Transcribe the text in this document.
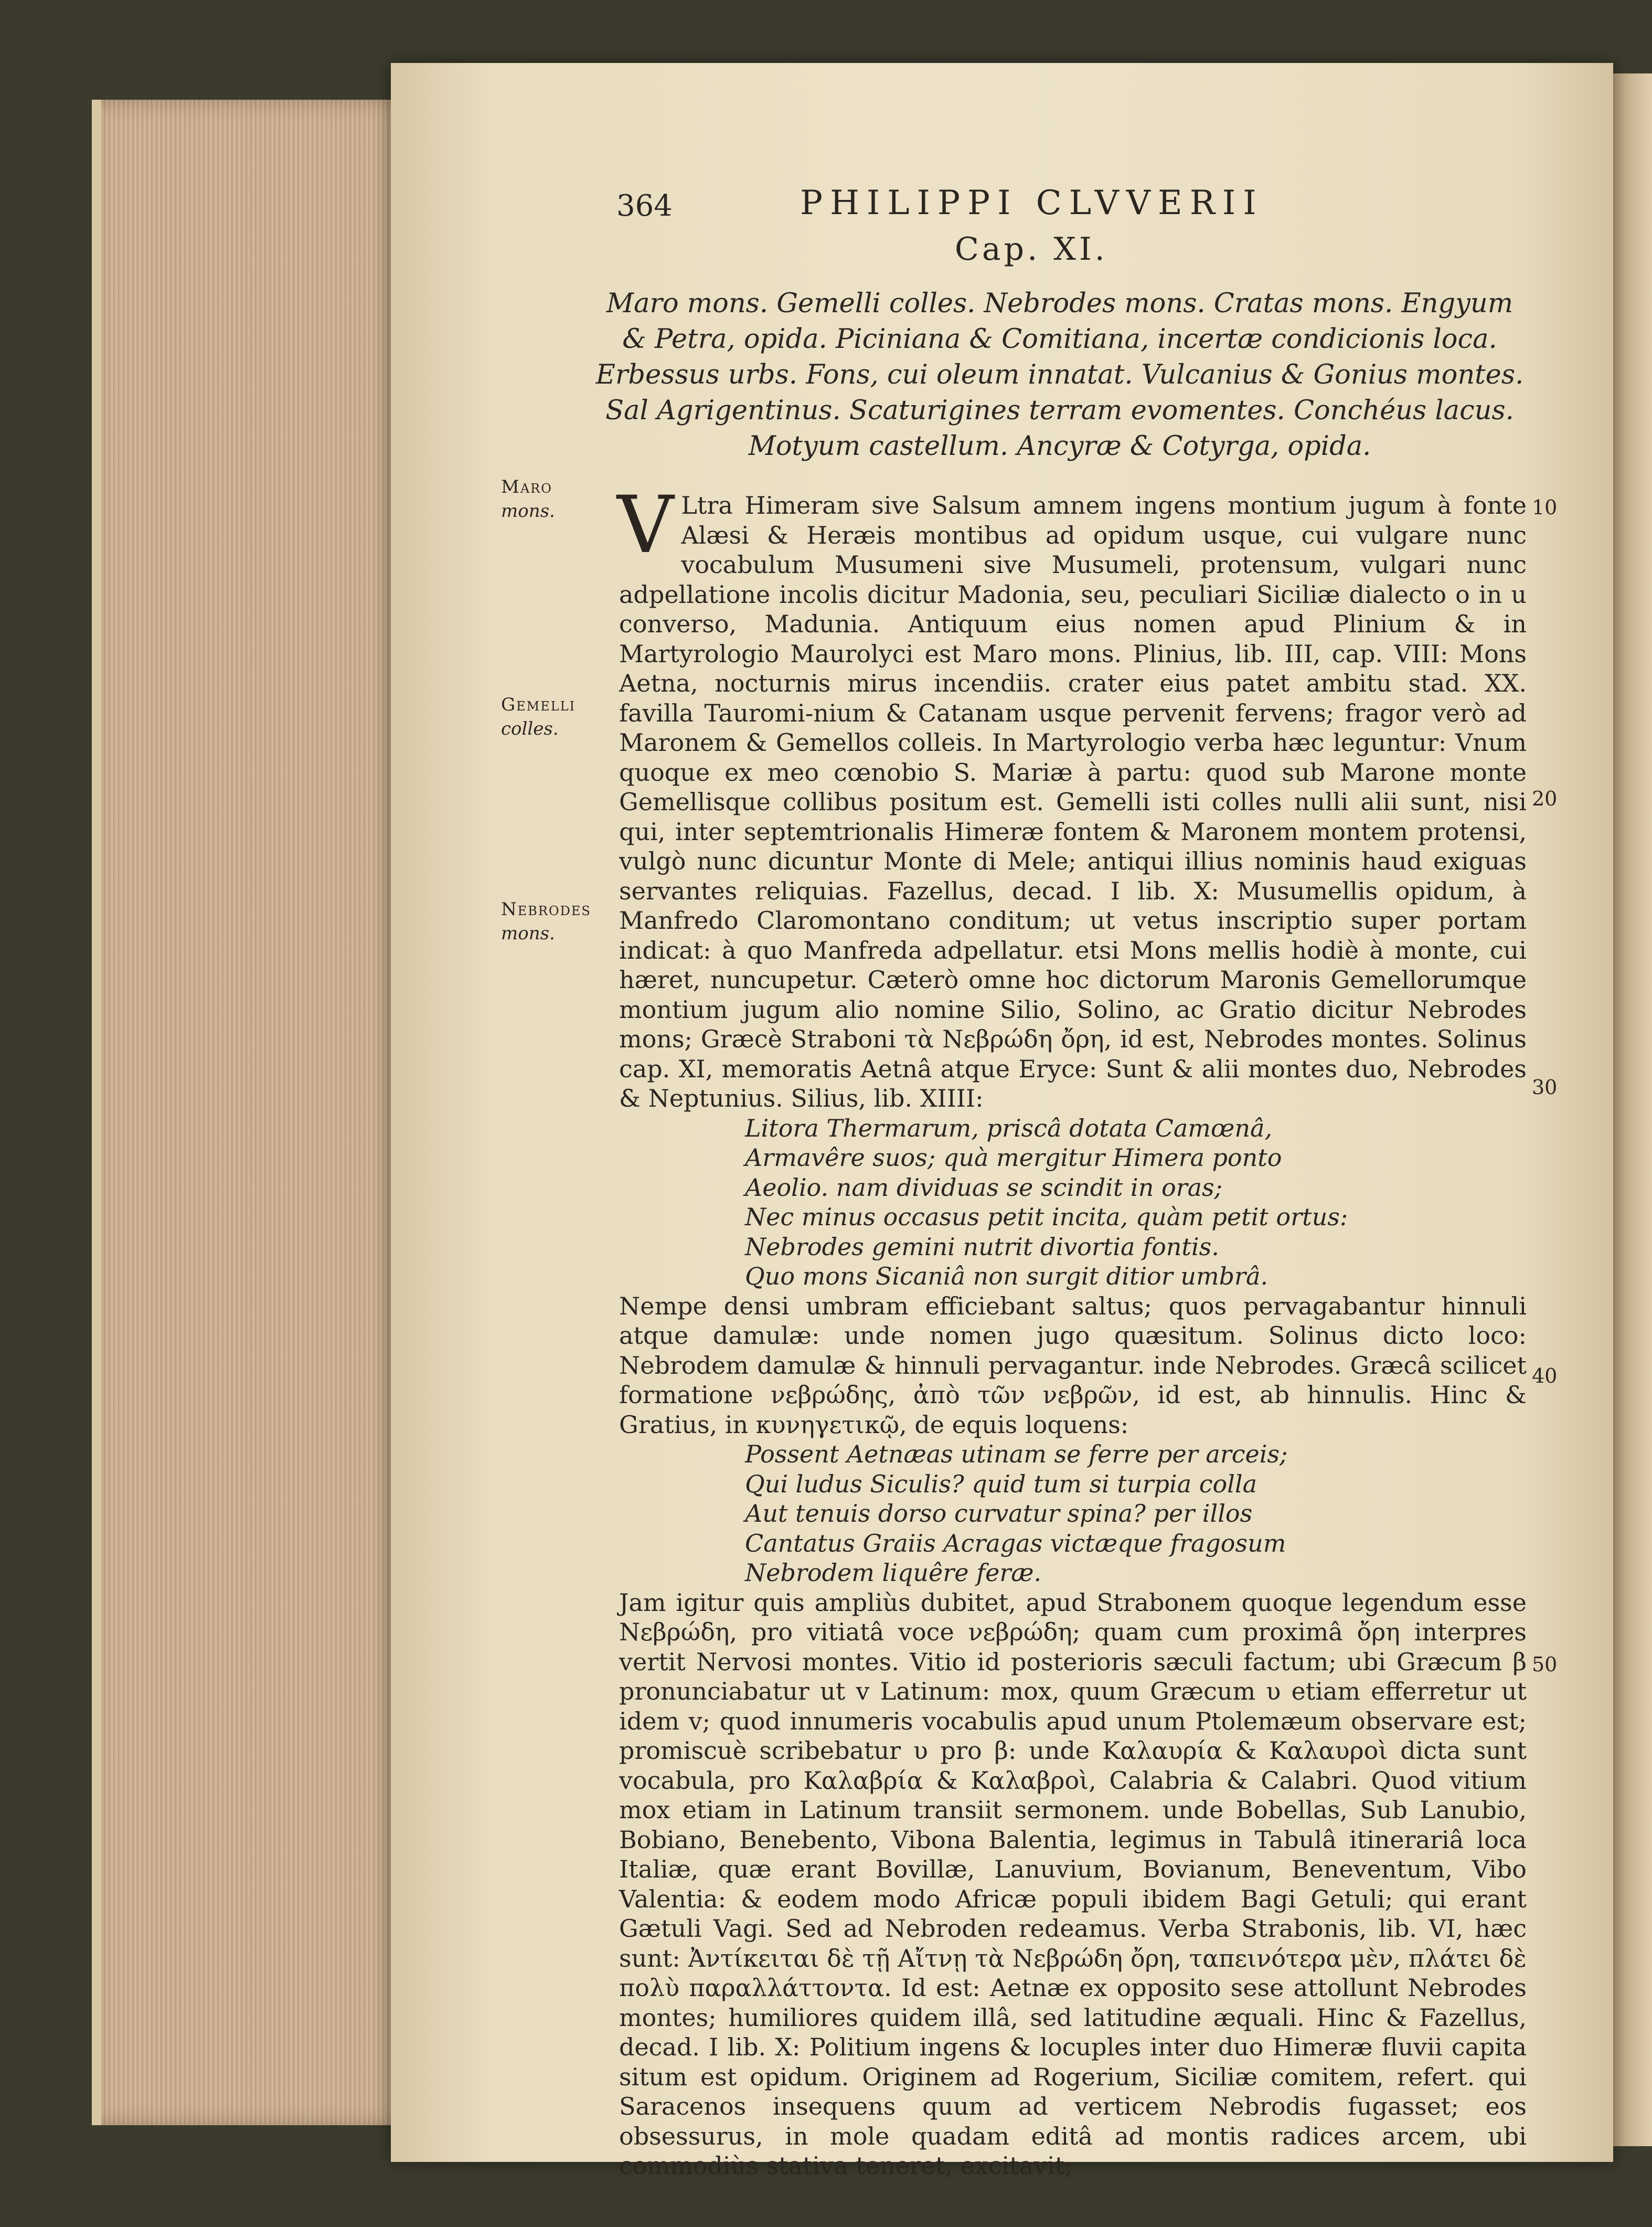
364	PHILIPPI CLVVERII
Cap. XI.
Maro mons. Gemelli colles. Nebrodes mons. Cratas mons. Engyum & Petra, opida. Piciniana & Comitiana, incertæ condicionis loca. Erbessus urbs. Fons, cui oleum innatat. Vulcanius & Gonius montes. Sal Agrigentinus. Scaturigines terram evomentes. Conchéus lacus. Motyum castellum. Ancyræ & Cotyrga, opida.
Maro
mons.
Gemelli
colles.
Nebrodes
mons.
10
20
30
40
50

V Ltra Himeram sive Salsum amnem ingens montium jugum à fonte Alæsi & Heræis montibus ad opidum usque, cui vulgare nunc vocabulum Musumeni sive Musumeli, protensum, vulgari nunc adpellatione incolis dicitur Madonia, seu, peculiari Siciliæ dialecto o in u converso, Madunia. Antiquum eius nomen apud Plinium & in Martyrologio Maurolyci est Maro mons. Plinius, lib. III, cap. VIII: Mons Aetna, nocturnis mirus incendiis. crater eius patet ambitu stad. XX. favilla Tauromi-nium & Catanam usque pervenit fervens; fragor verò ad Maronem & Gemellos colleis. In Martyrologio verba hæc leguntur: Vnum quoque ex meo cœnobio S. Mariæ à partu: quod sub Marone monte Gemellisque collibus positum est. Gemelli isti colles nulli alii sunt, nisi qui, inter septemtrionalis Himeræ fontem & Maronem montem protensi, vulgò nunc dicuntur Monte di Mele; antiqui illius nominis haud exiguas servantes reliquias. Fazellus, decad. I lib. X: Musumellis opidum, à Manfredo Claromontano conditum; ut vetus inscriptio super portam indicat: à quo Manfreda adpellatur. etsi Mons mellis hodiè à monte, cui hæret, nuncupetur. Cæterò omne hoc dictorum Maronis Gemellorumque montium jugum alio nomine Silio, Solino, ac Gratio dicitur Nebrodes mons; Græcè Straboni τὰ Νεβρώδη ὄρη, id est, Nebrodes montes. Solinus cap. XI, memoratis Aetnâ atque Eryce: Sunt & alii montes duo, Nebrodes & Neptunius. Silius, lib. XIIII:

Litora Thermarum, priscâ dotata Camœnâ,
Armavêre suos; quà mergitur Himera ponto
Aeolio. nam dividuas se scindit in oras;
Nec minus occasus petit incita, quàm petit ortus:
Nebrodes gemini nutrit divortia fontis.
Quo mons Sicaniâ non surgit ditior umbrâ.

Nempe densi umbram efficiebant saltus; quos pervagabantur hinnuli atque damulæ: unde nomen jugo quæsitum. Solinus dicto loco: Nebrodem damulæ & hinnuli pervagantur. inde Nebrodes. Græcâ scilicet formatione νεβρώδης, ἀπὸ τῶν νεβρῶν, id est, ab hinnulis. Hinc & Gratius, in κυνηγετικῷ, de equis loquens:

Possent Aetnæas utinam se ferre per arceis;
Qui ludus Siculis? quid tum si turpia colla
Aut tenuis dorso curvatur spina? per illos
Cantatus Graiis Acragas victæque fragosum
Nebrodem liquêre feræ.

Jam igitur quis ampliùs dubitet, apud Strabonem quoque legendum esse Νεβρώδη, pro vitiatâ voce νεβρώδη; quam cum proximâ ὄρη interpres vertit Nervosi montes. Vitio id posterioris sæculi factum; ubi Græcum β pronunciabatur ut v Latinum: mox, quum Græcum υ etiam efferretur ut idem v; quod innumeris vocabulis apud unum Ptolemæum observare est; promiscuè scribebatur υ pro β: unde Καλαυρία & Καλαυροὶ dicta sunt vocabula, pro Καλαβρία & Καλαβροὶ, Calabria & Calabri. Quod vitium mox etiam in Latinum transiit sermonem. unde Bobellas, Sub Lanubio, Bobiano, Benebento, Vibona Balentia, legimus in Tabulâ itinerariâ loca Italiæ, quæ erant Bovillæ, Lanuvium, Bovianum, Beneventum, Vibo Valentia: & eodem modo Africæ populi ibidem Bagi Getuli; qui erant Gætuli Vagi. Sed ad Nebroden redeamus. Verba Strabonis, lib. VI, hæc sunt: Ἀντίκειται δὲ τῇ Αἴτνῃ τὰ Νεβρώδη ὄρη, ταπεινότερα μὲν, πλάτει δὲ πολὺ παραλλάττοντα. Id est: Aetnæ ex opposito sese attollunt Nebrodes montes; humiliores quidem illâ, sed latitudine æquali. Hinc & Fazellus, decad. I lib. X: Politium ingens & locuples inter duo Himeræ fluvii capita situm est opidum. Originem ad Rogerium, Siciliæ comitem, refert. qui Saracenos insequens quum ad verticem Nebrodis fugasset; eos obsessurus, in mole quadam editâ ad montis radices arcem, ubi commodiùs stativa teneret, excitavit;
